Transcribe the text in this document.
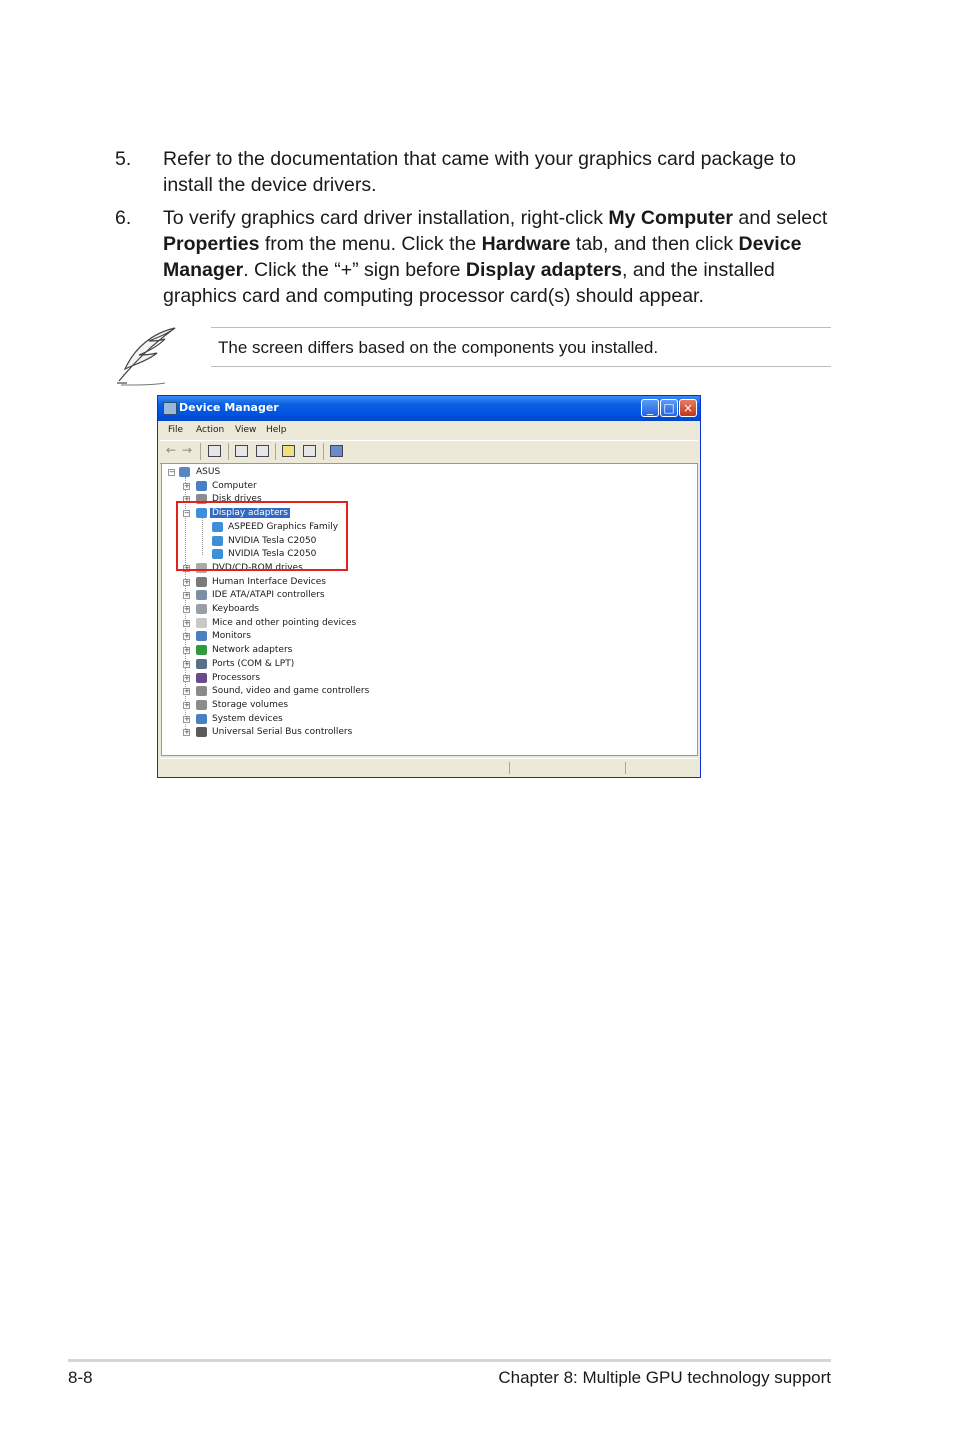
5. Refer to the documentation that came with your graphics card package to install the device drivers.
6. To verify graphics card driver installation, right-click My Computer and select Properties from the menu. Click the Hardware tab, and then click Device Manager. Click the “+” sign before Display adapters, and the installed graphics card and computing processor card(s) should appear.
The screen differs based on the components you installed.
Device Manager	_ □ ×
File Action View Help
← →
− ASUS
+ Computer
+ Disk drives
− Display adapters
ASPEED Graphics Family
NVIDIA Tesla C2050
NVIDIA Tesla C2050
+ DVD/CD-ROM drives
+ Human Interface Devices
+ IDE ATA/ATAPI controllers
+ Keyboards
+ Mice and other pointing devices
+ Monitors
+ Network adapters
+ Ports (COM & LPT)
+ Processors
+ Sound, video and game controllers
+ Storage volumes
+ System devices
+ Universal Serial Bus controllers
8-8	Chapter 8: Multiple GPU technology support
